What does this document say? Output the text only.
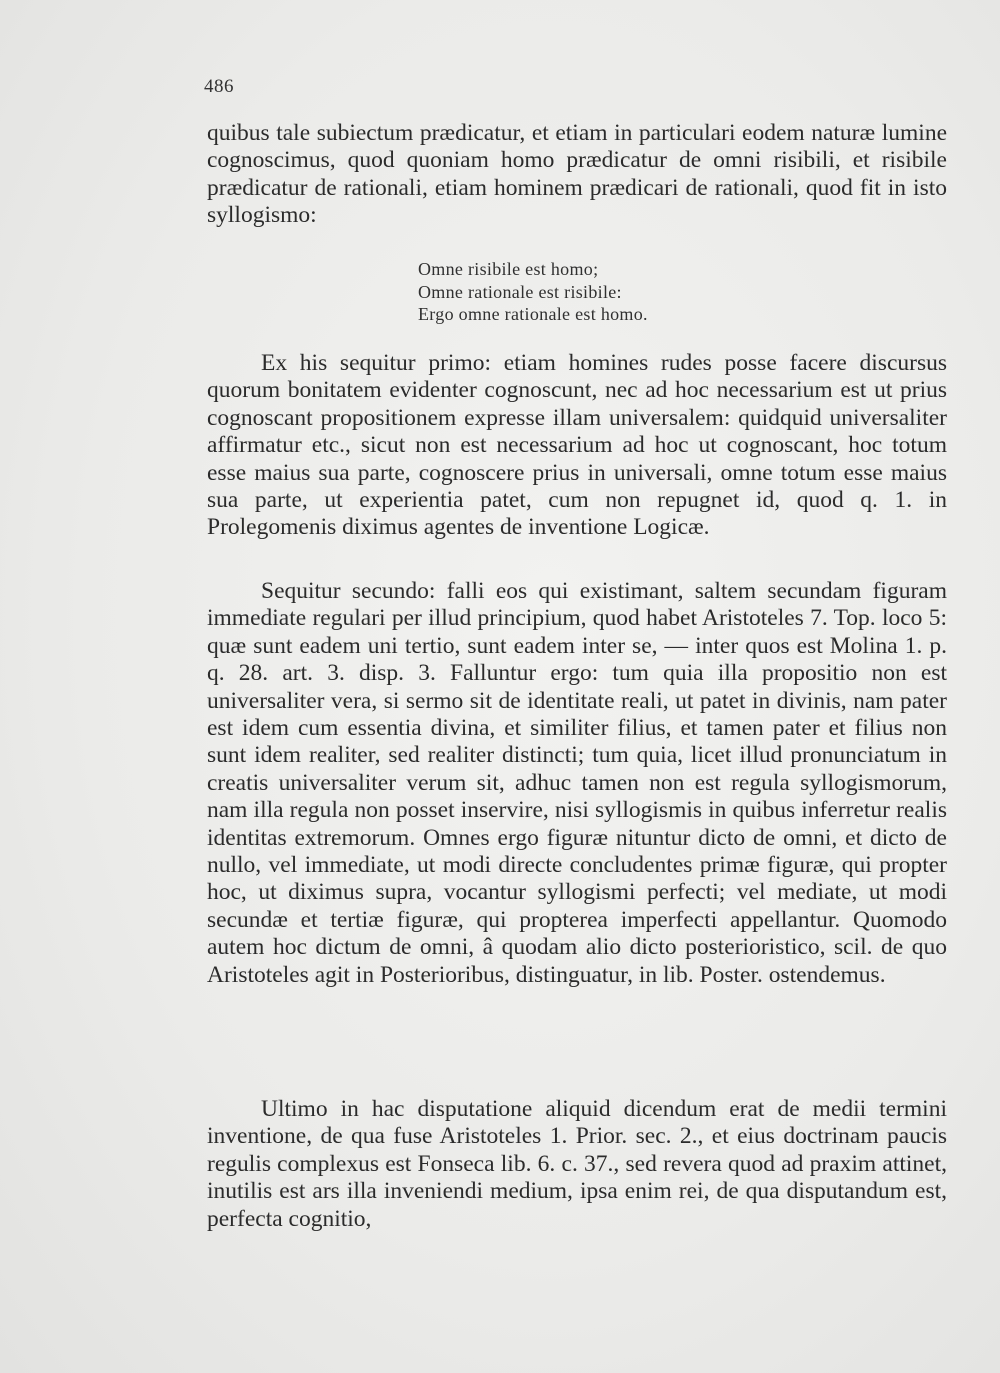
486

quibus tale subiectum prædicatur, et etiam in particulari eodem naturæ lumine cognoscimus, quod quoniam homo prædicatur de omni risibili, et risibile prædicatur de rationali, etiam hominem prædicari de rationali, quod fit in isto syllogismo:

Omne risibile est homo;
Omne rationale est risibile:
Ergo omne rationale est homo.

Ex his sequitur primo: etiam homines rudes posse facere discursus quorum bonitatem evidenter cognoscunt, nec ad hoc necessarium est ut prius cognoscant propositionem expresse illam universalem: quidquid universaliter affirmatur etc., sicut non est necessarium ad hoc ut cognoscant, hoc totum esse maius sua parte, cognoscere prius in universali, omne totum esse maius sua parte, ut experientia patet, cum non repugnet id, quod q. 1. in Prolegomenis diximus agentes de inventione Logicæ.

Sequitur secundo: falli eos qui existimant, saltem secundam figuram immediate regulari per illud principium, quod habet Aristoteles 7. Top. loco 5: quæ sunt eadem uni tertio, sunt eadem inter se, — inter quos est Molina 1. p. q. 28. art. 3. disp. 3. Falluntur ergo: tum quia illa propositio non est universaliter vera, si sermo sit de identitate reali, ut patet in divinis, nam pater est idem cum essentia divina, et similiter filius, et tamen pater et filius non sunt idem realiter, sed realiter distincti; tum quia, licet illud pronunciatum in creatis universaliter verum sit, adhuc tamen non est regula syllogismorum, nam illa regula non posset inservire, nisi syllogismis in quibus inferretur realis identitas extremorum. Omnes ergo figuræ nituntur dicto de omni, et dicto de nullo, vel immediate, ut modi directe concludentes primæ figuræ, qui propter hoc, ut diximus supra, vocantur syllogismi perfecti; vel mediate, ut modi secundæ et tertiæ figuræ, qui propterea imperfecti appellantur. Quomodo autem hoc dictum de omni, â quodam alio dicto posterioristico, scil. de quo Aristoteles agit in Posterioribus, distinguatur, in lib. Poster. ostendemus.

Ultimo in hac disputatione aliquid dicendum erat de medii termini inventione, de qua fuse Aristoteles 1. Prior. sec. 2., et eius doctrinam paucis regulis complexus est Fonseca lib. 6. c. 37., sed revera quod ad praxim attinet, inutilis est ars illa inveniendi medium, ipsa enim rei, de qua disputandum est, perfecta cognitio,
